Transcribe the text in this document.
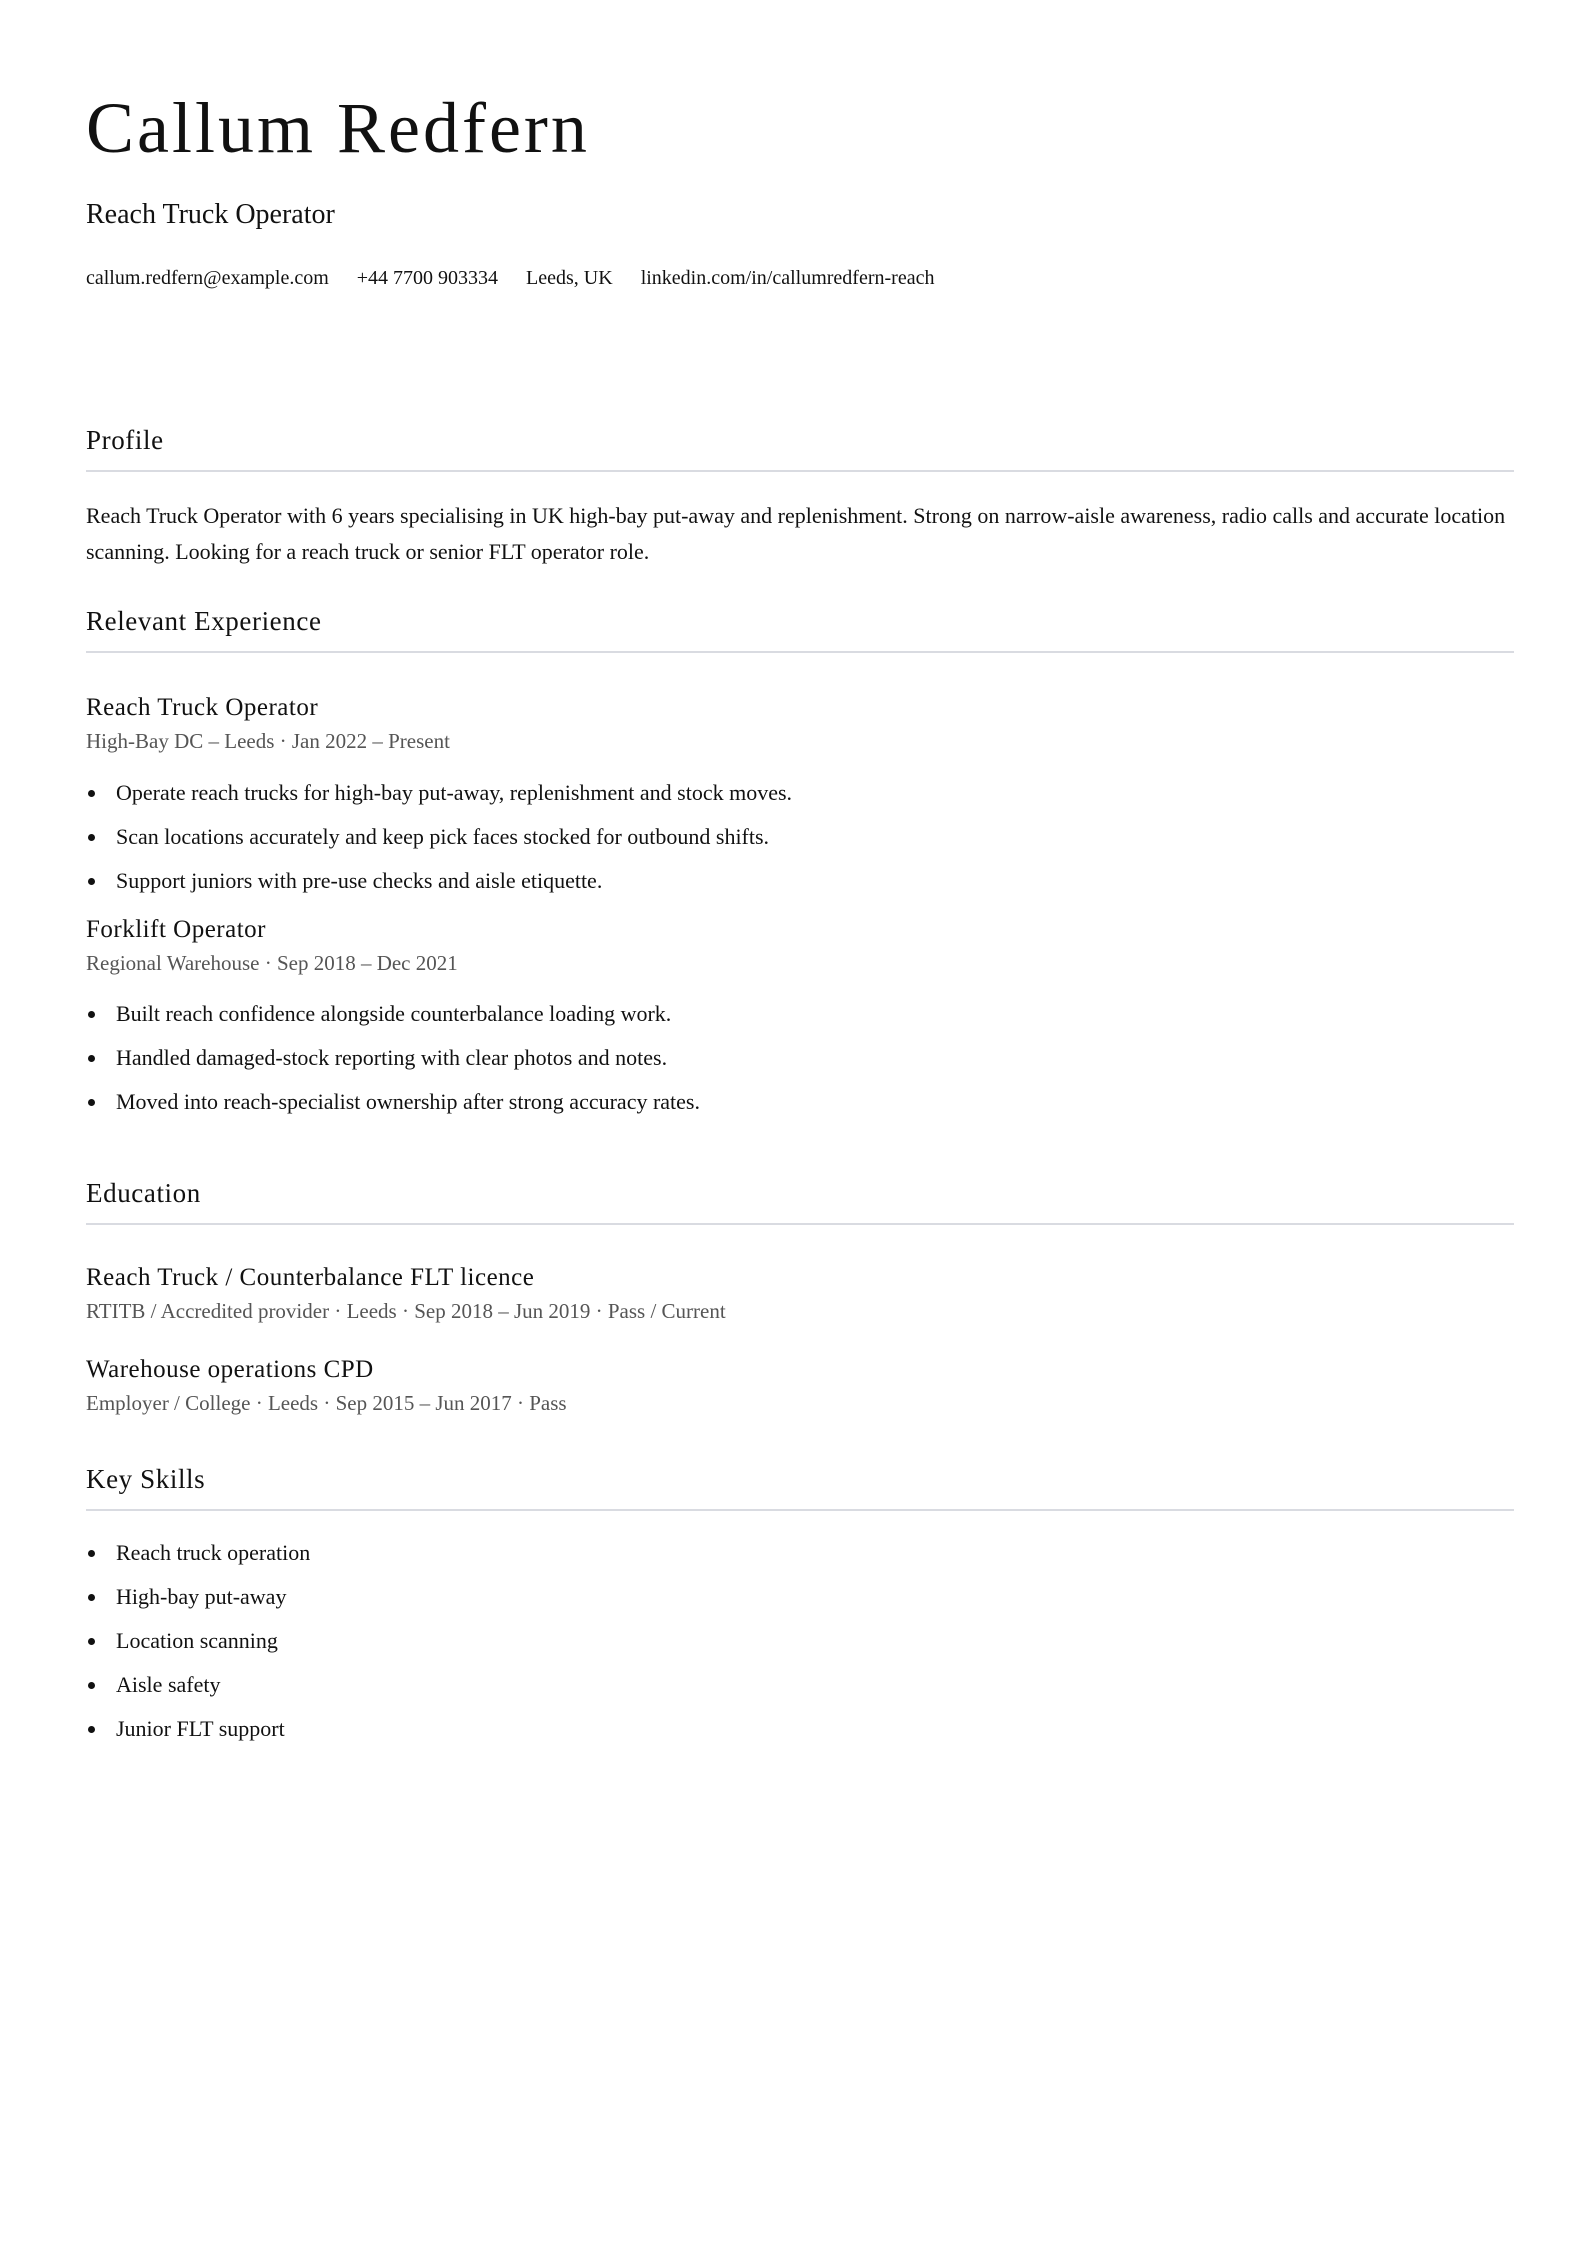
Callum Redfern
Reach Truck Operator
callum.redfern@example.com +44 7700 903334 Leeds, UK linkedin.com/in/callumredfern-reach
Profile
Reach Truck Operator with 6 years specialising in UK high-bay put-away and replenishment. Strong on narrow-aisle awareness, radio calls and accurate location scanning. Looking for a reach truck or senior FLT operator role.
Relevant Experience
Reach Truck Operator
High-Bay DC – Leeds · Jan 2022 – Present
Operate reach trucks for high-bay put-away, replenishment and stock moves.
Scan locations accurately and keep pick faces stocked for outbound shifts.
Support juniors with pre-use checks and aisle etiquette.
Forklift Operator
Regional Warehouse · Sep 2018 – Dec 2021
Built reach confidence alongside counterbalance loading work.
Handled damaged-stock reporting with clear photos and notes.
Moved into reach-specialist ownership after strong accuracy rates.
Education
Reach Truck / Counterbalance FLT licence
RTITB / Accredited provider · Leeds · Sep 2018 – Jun 2019 · Pass / Current
Warehouse operations CPD
Employer / College · Leeds · Sep 2015 – Jun 2017 · Pass
Key Skills
Reach truck operation
High-bay put-away
Location scanning
Aisle safety
Junior FLT support
